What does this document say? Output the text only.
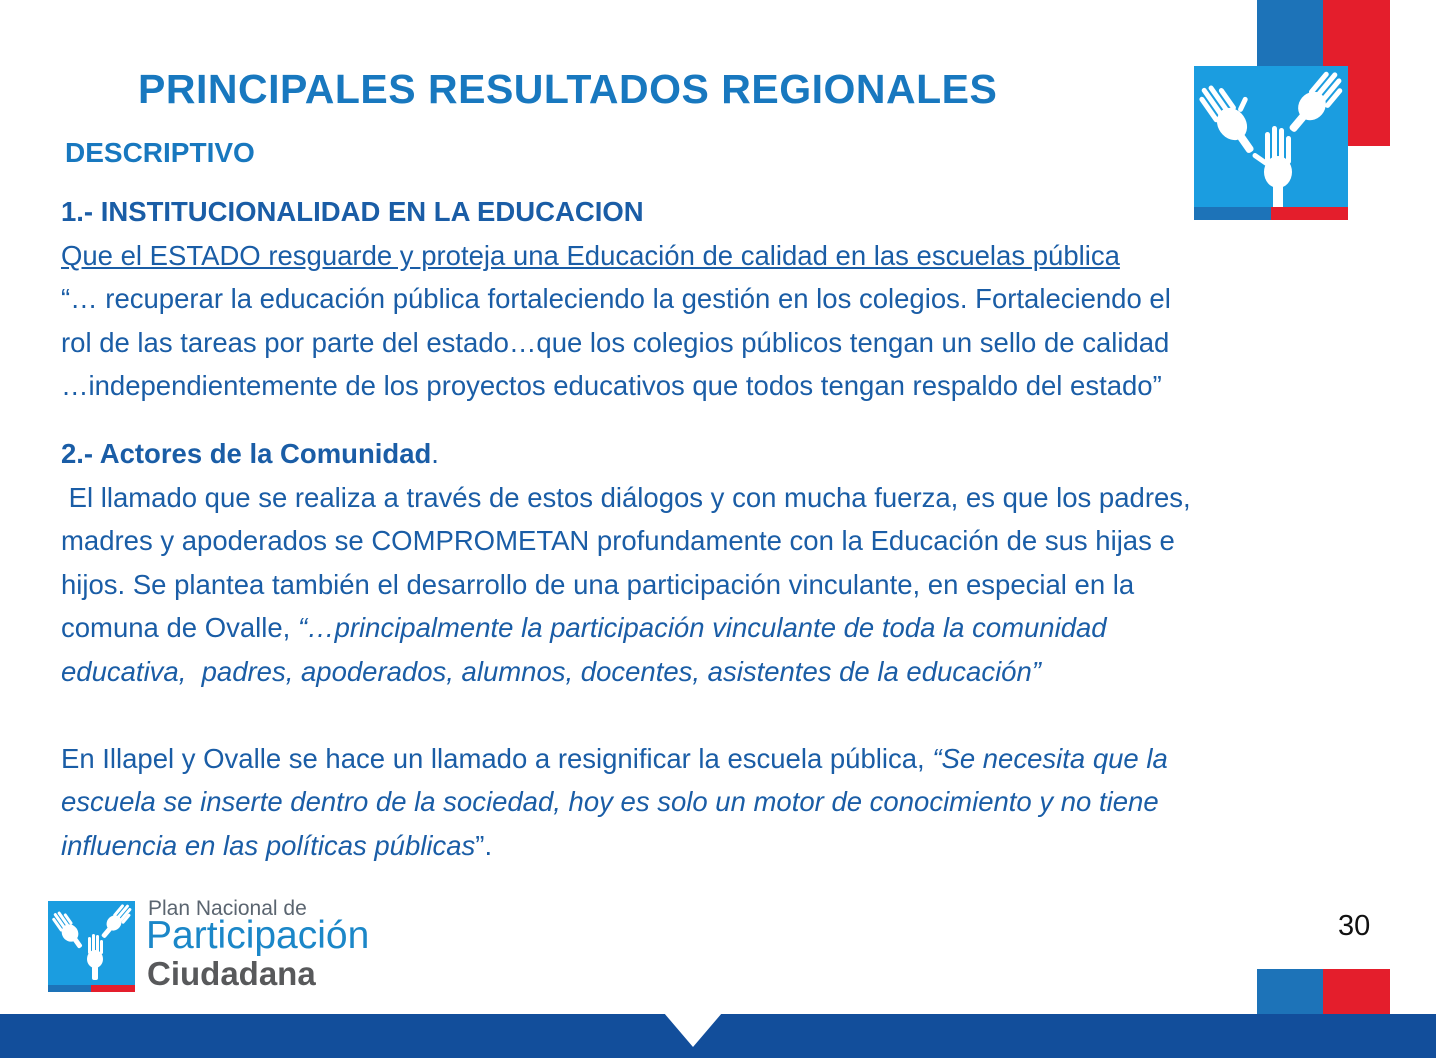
PRINCIPALES RESULTADOS REGIONALES
DESCRIPTIVO
1.- INSTITUCIONALIDAD EN LA EDUCACION
Que el ESTADO resguarde y proteja una Educación de calidad en las escuelas pública
“… recuperar la educación pública fortaleciendo la gestión en los colegios. Fortaleciendo el
rol de las tareas por parte del estado…que los colegios públicos tengan un sello de calidad
…independientemente de los proyectos educativos que todos tengan respaldo del estado”
2.- Actores de la Comunidad.
El llamado que se realiza a través de estos diálogos y con mucha fuerza, es que los padres,
madres y apoderados se COMPROMETAN profundamente con la Educación de sus hijas e
hijos. Se plantea también el desarrollo de una participación vinculante, en especial en la
comuna de Ovalle, “…principalmente la participación vinculante de toda la comunidad
educativa,  padres, apoderados, alumnos, docentes, asistentes de la educación”
En Illapel y Ovalle se hace un llamado a resignificar la escuela pública, “Se necesita que la
escuela se inserte dentro de la sociedad, hoy es solo un motor de conocimiento y no tiene
influencia en las políticas públicas”.
30
Plan Nacional de
Participación
Ciudadana
